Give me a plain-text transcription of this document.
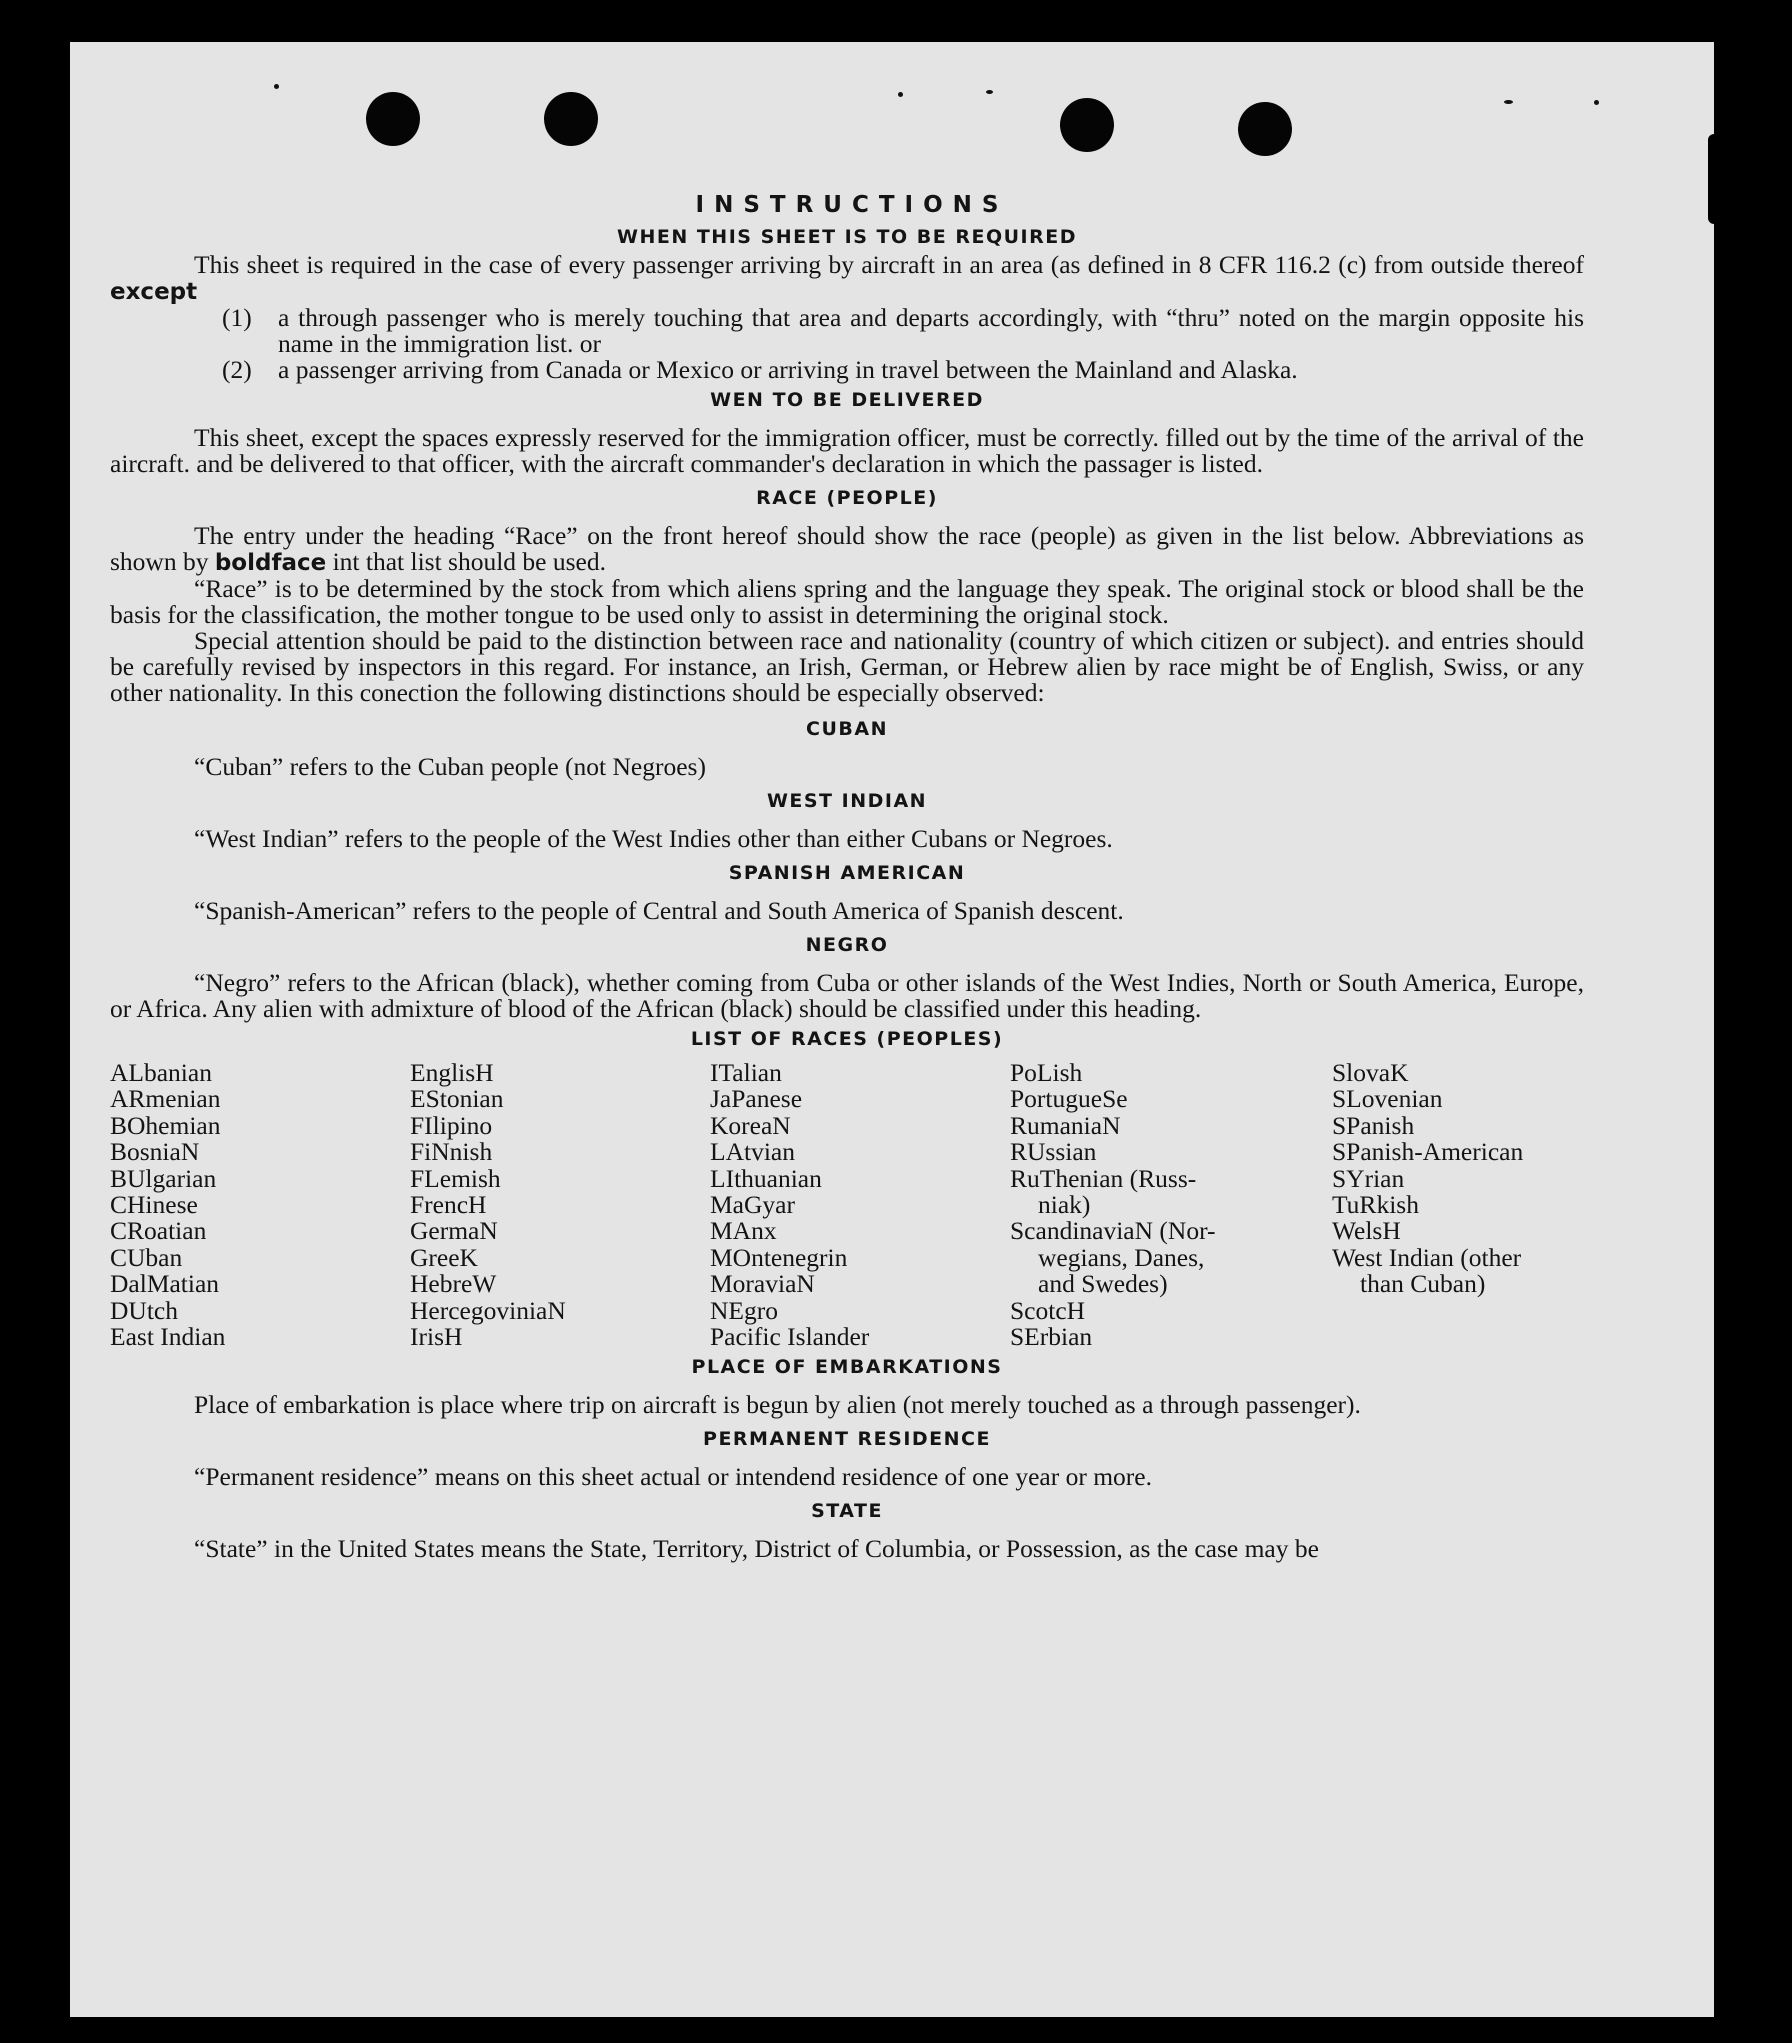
INSTRUCTIONS
WHEN THIS SHEET IS TO BE REQUIRED

This sheet is required in the case of every passenger arriving by aircraft in an area (as defined in 8 CFR 116.2 (c) from outside thereof except

(1)	a through passenger who is merely touching that area and departs accordingly, with “thru” noted on the margin opposite his name in the immigration list. or
(2)	a passenger arriving from Canada or Mexico or arriving in travel between the Mainland and Alaska.
WEN TO BE DELIVERED

This sheet, except the spaces expressly reserved for the immigration officer, must be correctly. filled out by the time of the arrival of the aircraft. and be delivered to that officer, with the aircraft commander's declaration in which the passager is listed.

RACE (PEOPLE)

The entry under the heading “Race” on the front hereof should show the race (people) as given in the list below. Abbreviations as shown by boldface int that list should be used.

“Race” is to be determined by the stock from which aliens spring and the language they speak. The original stock or blood shall be the basis for the classification, the mother tongue to be used only to assist in determining the original stock.

Special attention should be paid to the distinction between race and nationality (country of which citizen or subject). and entries should be carefully revised by inspectors in this regard. For instance, an Irish, German, or Hebrew alien by race might be of English, Swiss, or any other nationality. In this conection the following distinctions should be especially observed:

CUBAN

“Cuban” refers to the Cuban people (not Negroes)

WEST INDIAN

“West Indian” refers to the people of the West Indies other than either Cubans or Negroes.

SPANISH AMERICAN

“Spanish-American” refers to the people of Central and South America of Spanish descent.

NEGRO

“Negro” refers to the African (black), whether coming from Cuba or other islands of the West Indies, North or South America, Europe, or Africa. Any alien with admixture of blood of the African (black) should be classified under this heading.

LIST OF RACES (PEOPLES)
ALbanian
ARmenian
BOhemian
BosniaN
BUlgarian
CHinese
CRoatian
CUban
DalMatian
DUtch
East Indian
EnglisH
EStonian
FIlipino
FiNnish
FLemish
FrencH
GermaN
GreeK
HebreW
HercegoviniaN
IrisH
ITalian
JaPanese
KoreaN
LAtvian
LIthuanian
MaGyar
MAnx
MOntenegrin
MoraviaN
NEgro
Pacific Islander
PoLish
PortugueSe
RumaniaN
RUssian
RuThenian (Russ-
niak)
ScandinaviaN (Nor-
wegians, Danes,
and Swedes)
ScotcH
SErbian
SlovaK
SLovenian
SPanish
SPanish-American
SYrian
TuRkish
WelsH
West Indian (other
than Cuban)
PLACE OF EMBARKATIONS

Place of embarkation is place where trip on aircraft is begun by alien (not merely touched as a through passenger).

PERMANENT RESIDENCE

“Permanent residence” means on this sheet actual or intendend residence of one year or more.

STATE

“State” in the United States means the State, Territory, District of Columbia, or Possession, as the case may be
